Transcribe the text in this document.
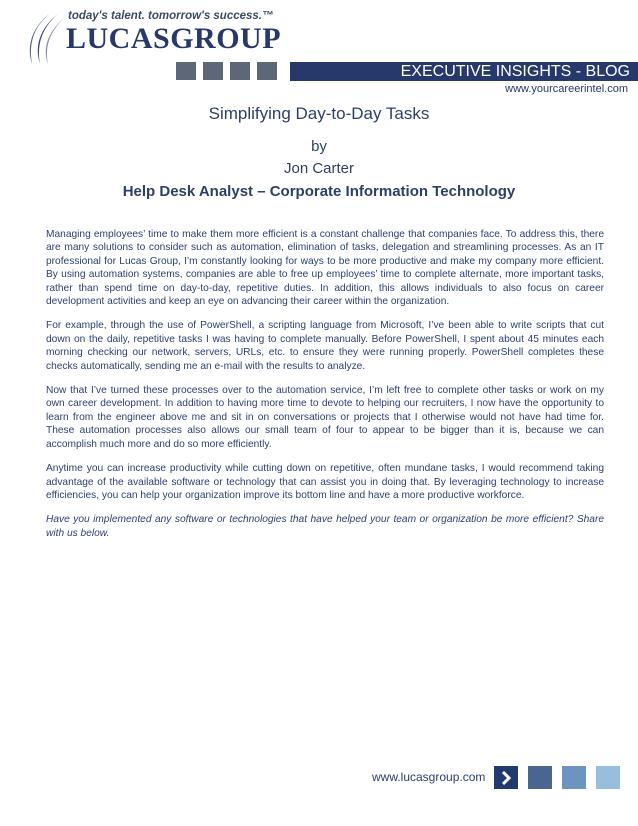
today's talent. tomorrow's success.™
LUCASGROUP
EXECUTIVE INSIGHTS - BLOG
www.yourcareerintel.com
Simplifying Day-to-Day Tasks
by
Jon Carter
Help Desk Analyst – Corporate Information Technology

Managing employees’ time to make them more efficient is a constant challenge that companies face. To address this, there are many solutions to consider such as automation, elimination of tasks, delegation and streamlining processes. As an IT professional for Lucas Group, I’m constantly looking for ways to be more productive and make my company more efficient. By using automation systems, companies are able to free up employees’ time to complete alternate, more important tasks, rather than spend time on day-to-day, repetitive duties. In addition, this allows individuals to also focus on career development activities and keep an eye on advancing their career within the organization.

For example, through the use of PowerShell, a scripting language from Microsoft, I’ve been able to write scripts that cut down on the daily, repetitive tasks I was having to complete manually. Before PowerShell, I spent about 45 minutes each morning checking our network, servers, URLs, etc. to ensure they were running properly. PowerShell completes these checks automatically, sending me an e-mail with the results to analyze.

Now that I’ve turned these processes over to the automation service, I’m left free to complete other tasks or work on my own career development. In addition to having more time to devote to helping our recruiters, I now have the opportunity to learn from the engineer above me and sit in on conversations or projects that I otherwise would not have had time for. These automation processes also allows our small team of four to appear to be bigger than it is, because we can accomplish much more and do so more efficiently.

Anytime you can increase productivity while cutting down on repetitive, often mundane tasks, I would recommend taking advantage of the available software or technology that can assist you in doing that. By leveraging technology to increase efficiencies, you can help your organization improve its bottom line and have a more productive workforce.

Have you implemented any software or technologies that have helped your team or organization be more efficient? Share with us below.

www.lucasgroup.com
